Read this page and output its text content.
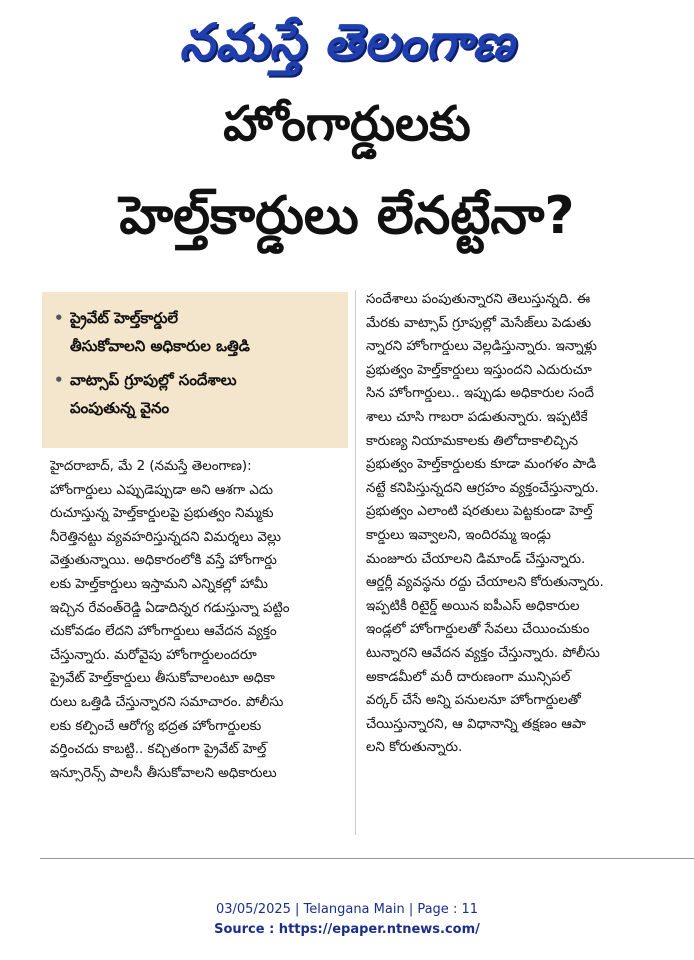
నమస్తే తెలంగాణ
హోంగార్డులకు
హెల్త్‌కార్డులు లేనట్టేనా?
• ప్రైవేట్ హెల్త్‌కార్డులే
తీసుకోవాలని అధికారుల ఒత్తిడి
• వాట్సాప్ గ్రూపుల్లో సందేశాలు
పంపుతున్న వైనం
హైదరాబాద్, మే 2 (నమస్తే తెలంగాణ):
హోంగార్డులు ఎప్పుడెప్పుడా అని ఆశగా ఎదు
రుచూస్తున్న హెల్త్‌కార్డులపై ప్రభుత్వం నిమ్మకు
నీరెత్తినట్టు వ్యవహరిస్తున్నదని విమర్శలు వెల్లు
వెత్తుతున్నాయి. అధికారంలోకి వస్తే హోంగార్డు
లకు హెల్త్‌కార్డులు ఇస్తామని ఎన్నికల్లో హామీ
ఇచ్చిన రేవంత్‌రెడ్డి ఏడాదిన్నర గడుస్తున్నా పట్టిం
చుకోవడం లేదని హోంగార్డులు ఆవేదన వ్యక్తం
చేస్తున్నారు. మరోవైపు హోంగార్డులందరూ
ప్రైవేట్ హెల్త్‌కార్డులు తీసుకోవాలంటూ అధికా
రులు ఒత్తిడి చేస్తున్నారని సమాచారం. పోలీసు
లకు కల్పించే ఆరోగ్య భద్రత హోంగార్డులకు
వర్తించదు కాబట్టి.. కచ్చితంగా ప్రైవేట్ హెల్త్
ఇన్సూరెన్స్ పాలసీ తీసుకోవాలని అధికారులు
సందేశాలు పంపుతున్నారని తెలుస్తున్నది. ఈ
మేరకు వాట్సాప్ గ్రూపుల్లో మెసేజ్‌లు పెడుతు
న్నారని హోంగార్డులు వెల్లడిస్తున్నారు. ఇన్నాళ్లు
ప్రభుత్వం హెల్త్‌కార్డులు ఇస్తుందని ఎదురుచూ
సిన హోంగార్డులు.. ఇప్పుడు అధికారుల సందే
శాలు చూసి గాబరా పడుతున్నారు. ఇప్పటికే
కారుణ్య నియామకాలకు తిలోదాకాలిచ్చిన
ప్రభుత్వం హెల్త్‌కార్డులకు కూడా మంగళం పాడి
నట్టే కనిపిస్తున్నదని ఆగ్రహం వ్యక్తంచేస్తున్నారు.
ప్రభుత్వం ఎలాంటి షరతులు పెట్టకుండా హెల్త్
కార్డులు ఇవ్వాలని, ఇందిరమ్మ ఇండ్లు
మంజూరు చేయాలని డిమాండ్ చేస్తున్నారు.
ఆర్డర్లీ వ్యవస్థను రద్దు చేయాలని కోరుతున్నారు.
ఇప్పటికీ రిటైర్డ్ అయిన ఐపీఎస్ అధికారుల
ఇండ్లలో హోంగార్డులతో సేవలు చేయించుకుం
టున్నారని ఆవేదన వ్యక్తం చేస్తున్నారు. పోలీసు
అకాడమీలో మరీ దారుణంగా మున్సిపల్
వర్కర్ చేసే అన్ని పనులనూ హోంగార్డులతో
చేయిస్తున్నారని, ఆ విధానాన్ని తక్షణం ఆపా
లని కోరుతున్నారు.
03/05/2025 | Telangana Main | Page : 11
Source : https://epaper.ntnews.com/
